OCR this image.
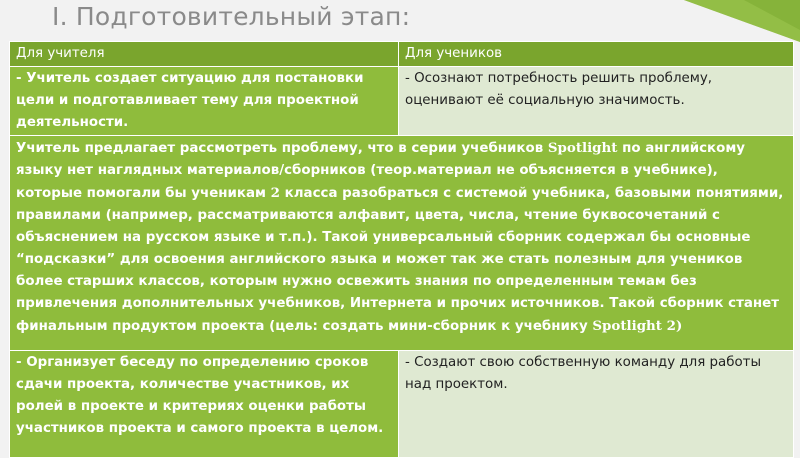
I. Подготовительный этап:
Для учителя	Для учеников
- Учитель создает ситуацию для постановки цели и подготавливает тему для проектной деятельности.	- Осознают потребность решить проблему, оценивают её социальную значимость.
Учитель предлагает рассмотреть проблему, что в серии учебников Spotlight по английскому языку нет наглядных материалов/сборников (теор.материал не объясняется в учебнике), которые помогали бы ученикам 2 класса разобраться с системой учебника, базовыми понятиями, правилами (например, рассматриваются алфавит, цвета, числа, чтение буквосочетаний с объяснением на русском языке и т.п.). Такой универсальный сборник содержал бы основные “подсказки” для освоения английского языка и может так же стать полезным для учеников более старших классов, которым нужно освежить знания по определенным темам без привлечения дополнительных учебников, Интернета и прочих источников. Такой сборник станет финальным продуктом проекта (цель: создать мини-сборник к учебнику Spotlight 2)	
- Организует беседу по определению сроков сдачи проекта, количестве участников, их ролей в проекте и критериях оценки работы участников проекта и самого проекта в целом.	- Создают свою собственную команду для работы над проектом.
